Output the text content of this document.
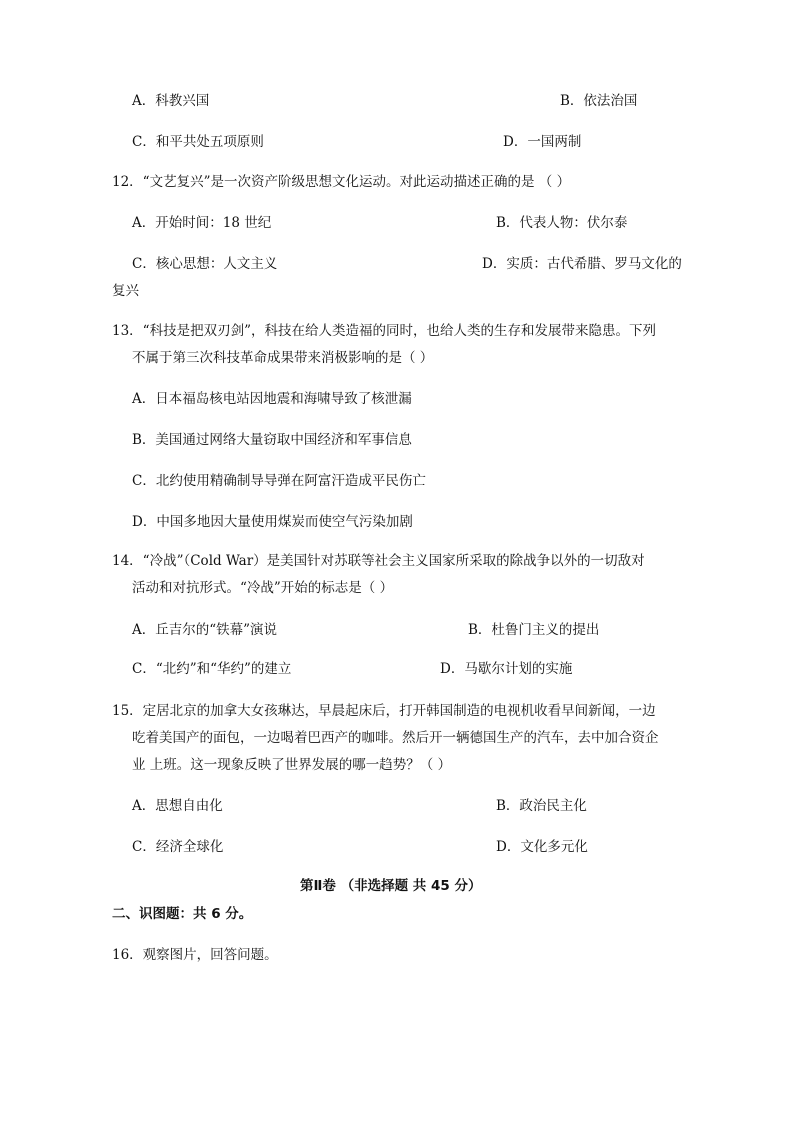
A．科教兴国	B．依法治国
C．和平共处五项原则	D．一国两制
12．“文艺复兴”是一次资产阶级思想文化运动。对此运动描述正确的是 （ ）
A．开始时间：18 世纪	B．代表人物：伏尔泰
C．核心思想：人文主义	D．实质：古代希腊、罗马文化的
复兴
13．“科技是把双刃剑”，科技在给人类造福的同时，也给人类的生存和发展带来隐患。下列
不属于第三次科技革命成果带来消极影响的是（ ）
A．日本福岛核电站因地震和海啸导致了核泄漏
B．美国通过网络大量窃取中国经济和军事信息
C．北约使用精确制导导弹在阿富汗造成平民伤亡
D．中国多地因大量使用煤炭而使空气污染加剧
14．“冷战”（Cold War）是美国针对苏联等社会主义国家所采取的除战争以外的一切敌对
活动和对抗形式。“冷战”开始的标志是（ ）
A．丘吉尔的“铁幕”演说	B．杜鲁门主义的提出
C．“北约”和“华约”的建立	D．马歇尔计划的实施
15．定居北京的加拿大女孩琳达，早晨起床后，打开韩国制造的电视机收看早间新闻，一边
吃着美国产的面包，一边喝着巴西产的咖啡。然后开一辆德国生产的汽车，去中加合资企
业 上班。这一现象反映了世界发展的哪一趋势？（ ）
A．思想自由化	B．政治民主化
C．经济全球化	D．文化多元化
第Ⅱ卷 （非选择题 共 45 分）
二、识图题：共 6 分。
16．观察图片，回答问题。
